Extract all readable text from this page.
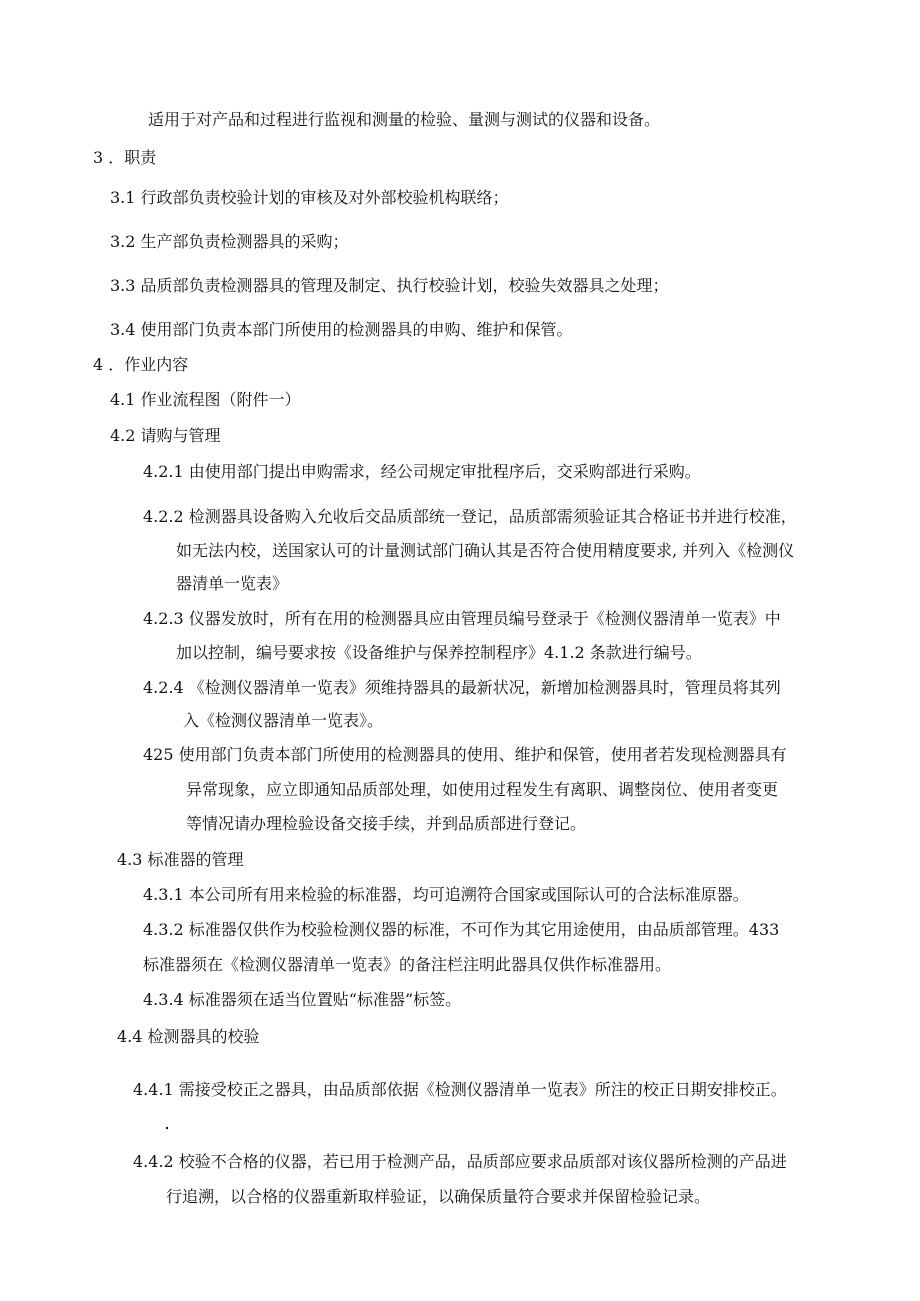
适用于对产品和过程进行监视和测量的检验、量测与测试的仪器和设备。

3 ．职责

3.1 行政部负责校验计划的审核及对外部校验机构联络；

3.2 生产部负责检测器具的采购；

3.3 品质部负责检测器具的管理及制定、执行校验计划，校验失效器具之处理；

3.4 使用部门负责本部门所使用的检测器具的申购、维护和保管。

4 ．作业内容

4.1 作业流程图（附件一）

4.2 请购与管理

4.2.1 由使用部门提出申购需求，经公司规定审批程序后，交采购部进行采购。

4.2.2 检测器具设备购入允收后交品质部统一登记，品质部需须验证其合格证书并进行校准，

如无法内校，送国家认可的计量测试部门确认其是否符合使用精度要求, 并列入《检测仪

器清单一览表》

4.2.3 仪器发放时，所有在用的检测器具应由管理员编号登录于《检测仪器清单一览表》中

加以控制，编号要求按《设备维护与保养控制程序》4.1.2 条款进行编号。

4.2.4 《检测仪器清单一览表》须维持器具的最新状况，新增加检测器具时，管理员将其列

入《检测仪器清单一览表》。

425 使用部门负责本部门所使用的检测器具的使用、维护和保管，使用者若发现检测器具有

异常现象，应立即通知品质部处理，如使用过程发生有离职、调整岗位、使用者变更

等情况请办理检验设备交接手续，并到品质部进行登记。

4.3 标准器的管理

4.3.1 本公司所有用来检验的标准器，均可追溯符合国家或国际认可的合法标准原器。

4.3.2 标准器仅供作为校验检测仪器的标准，不可作为其它用途使用，由品质部管理。433

标准器须在《检测仪器清单一览表》的备注栏注明此器具仅供作标准器用。

4.3.4 标准器须在适当位置贴“标准器”标签。

4.4 检测器具的校验

4.4.1 需接受校正之器具，由品质部依据《检测仪器清单一览表》所注的校正日期安排校正。

4.4.2 校验不合格的仪器，若已用于检测产品，品质部应要求品质部对该仪器所检测的产品进

行追溯，以合格的仪器重新取样验证，以确保质量符合要求并保留检验记录。
